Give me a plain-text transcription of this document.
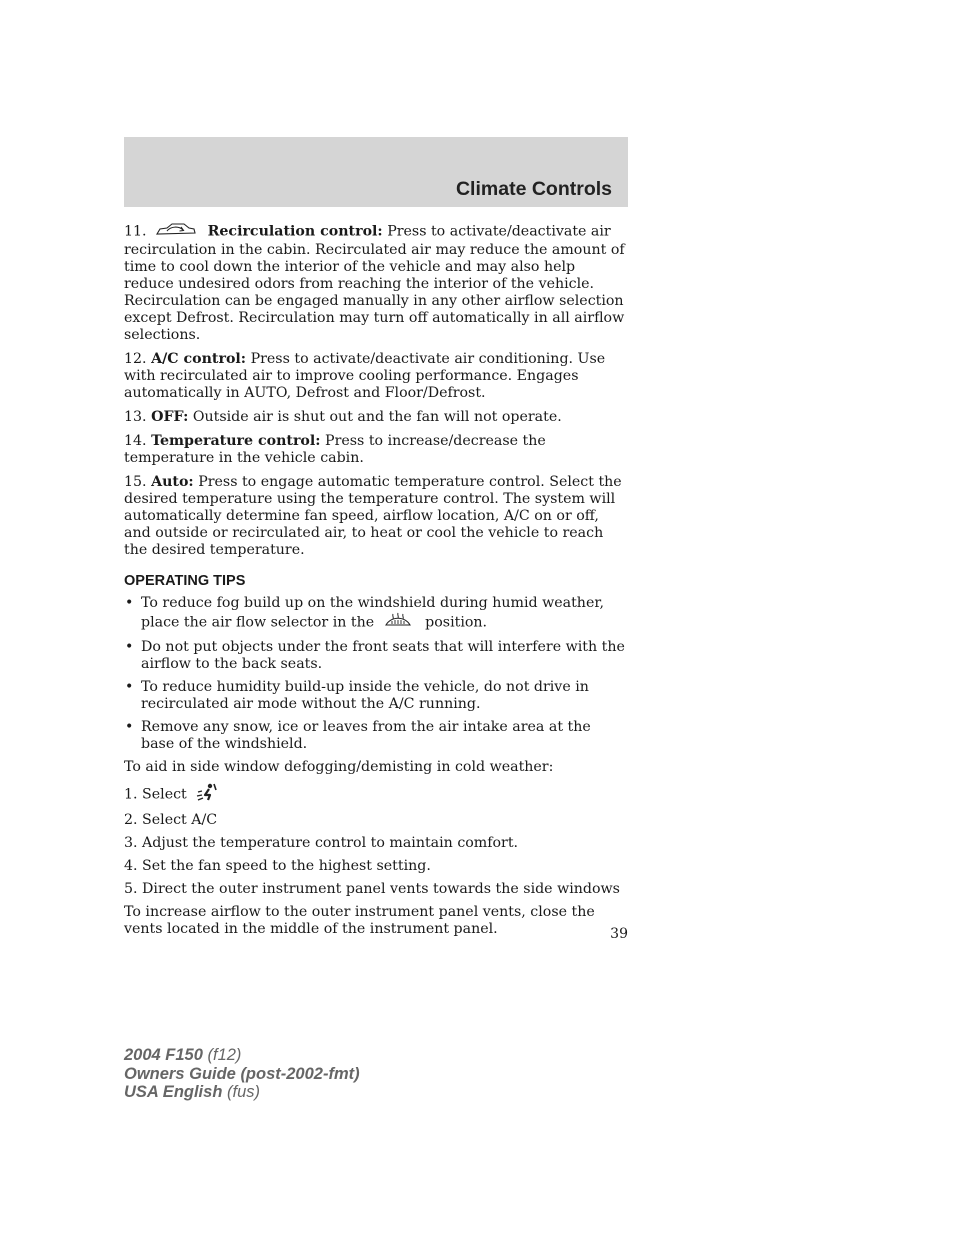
Climate Controls

11.	Recirculation control: Press to activate/deactivate air recirculation in the cabin. Recirculated air may reduce the amount of time to cool down the interior of the vehicle and may also help reduce undesired odors from reaching the interior of the vehicle. Recirculation can be engaged manually in any other airflow selection except Defrost. Recirculation may turn off automatically in all airflow selections.

12. A/C control: Press to activate/deactivate air conditioning. Use with recirculated air to improve cooling performance. Engages automatically in AUTO, Defrost and Floor/Defrost.

13. OFF: Outside air is shut out and the fan will not operate.

14. Temperature control: Press to increase/decrease the temperature in the vehicle cabin.

15. Auto: Press to engage automatic temperature control. Select the desired temperature using the temperature control. The system will automatically determine fan speed, airflow location, A/C on or off, and outside or recirculated air, to heat or cool the vehicle to reach the desired temperature.

OPERATING TIPS
• To reduce fog build up on the windshield during humid weather, place the air flow selector in the	position.
• Do not put objects under the front seats that will interfere with the airflow to the back seats.
• To reduce humidity build-up inside the vehicle, do not drive in recirculated air mode without the A/C running.
• Remove any snow, ice or leaves from the air intake area at the base of the windshield.

To aid in side window defogging/demisting in cold weather:

1. Select

2. Select A/C

3. Adjust the temperature control to maintain comfort.

4. Set the fan speed to the highest setting.

5. Direct the outer instrument panel vents towards the side windows

To increase airflow to the outer instrument panel vents, close the vents located in the middle of the instrument panel.	39
2004 F150 (f12)
Owners Guide (post-2002-fmt)
USA English (fus)
